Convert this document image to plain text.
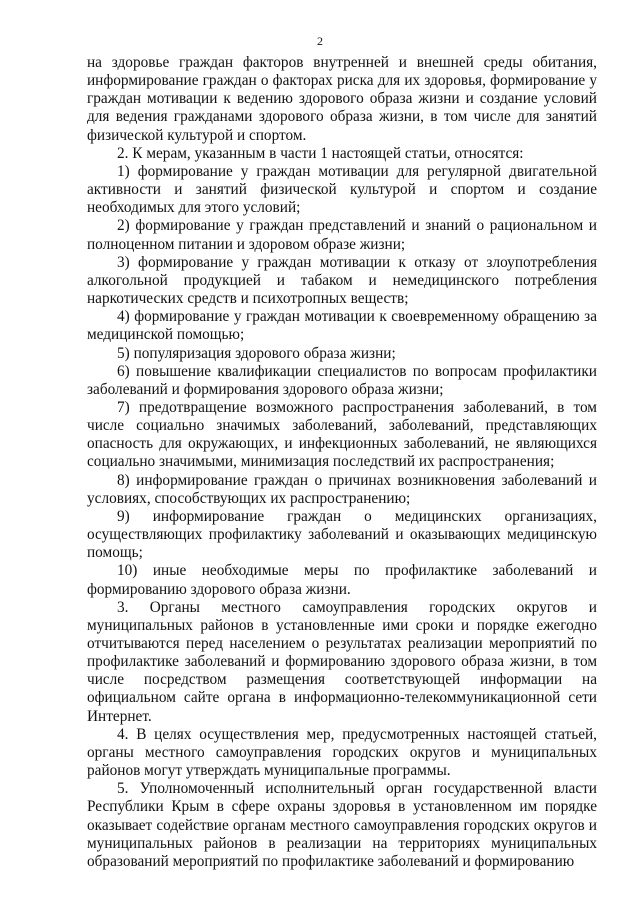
2

на здоровье граждан факторов внутренней и внешней среды обитания, информирование граждан о факторах риска для их здоровья, формирование у граждан мотивации к ведению здорового образа жизни и создание условий для ведения гражданами здорового образа жизни, в том числе для занятий физической культурой и спортом.

2. К мерам, указанным в части 1 настоящей статьи, относятся:

1) формирование у граждан мотивации для регулярной двигательной активности и занятий физической культурой и спортом и создание необходимых для этого условий;

2) формирование у граждан представлений и знаний о рациональном и полноценном питании и здоровом образе жизни;

3) формирование у граждан мотивации к отказу от злоупотребления алкогольной продукцией и табаком и немедицинского потребления наркотических средств и психотропных веществ;

4) формирование у граждан мотивации к своевременному обращению за медицинской помощью;

5) популяризация здорового образа жизни;

6) повышение квалификации специалистов по вопросам профилактики заболеваний и формирования здорового образа жизни;

7) предотвращение возможного распространения заболеваний, в том числе социально значимых заболеваний, заболеваний, представляющих опасность для окружающих, и инфекционных заболеваний, не являющихся социально значимыми, минимизация последствий их распространения;

8) информирование граждан о причинах возникновения заболеваний и условиях, способствующих их распространению;

9) информирование граждан о медицинских организациях, осуществляющих профилактику заболеваний и оказывающих медицинскую помощь;

10) иные необходимые меры по профилактике заболеваний и формированию здорового образа жизни.

3. Органы местного самоуправления городских округов и муниципальных районов в установленные ими сроки и порядке ежегодно отчитываются перед населением о результатах реализации мероприятий по профилактике заболеваний и формированию здорового образа жизни, в том числе посредством размещения соответствующей информации на официальном сайте органа в информационно-телекоммуникационной сети Интернет.

4. В целях осуществления мер, предусмотренных настоящей статьей, органы местного самоуправления городских округов и муниципальных районов могут утверждать муниципальные программы.

5. Уполномоченный исполнительный орган государственной власти Республики Крым в сфере охраны здоровья в установленном им порядке оказывает содействие органам местного самоуправления городских округов и муниципальных районов в реализации на территориях муниципальных образований мероприятий по профилактике заболеваний и формированию
